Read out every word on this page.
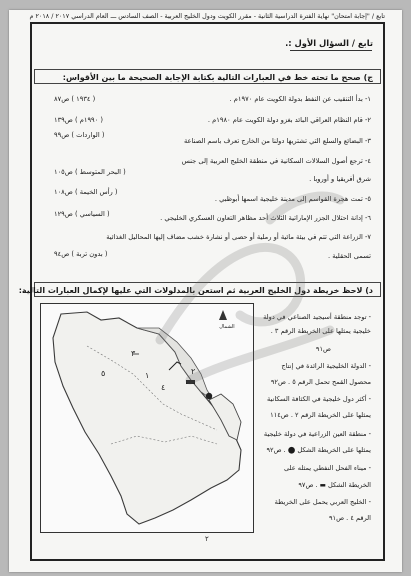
تابع / "إجابة امتحان" نهاية الفترة الدراسية الثانية - مقرر الكويت ودول الخليج العربية - الصف السادس ـــ العام الدراسي ٢٠١٧ / ٢٠١٨ م
تابع / السؤال الأول :.
ج) صحح ما تحته خط في العبارات التالية بكتابة الإجابة الصحيحة ما بين الأقواس:
١- بدأ التنقيب عن النفط بدولة الكويت عام ١٩٧٠م .
( ١٩٣٤ ) ص٨٧
٢- قام النظام العراقي البائد بغزو دولة الكويت عام ١٩٨٠م .
( ١٩٩٠م ) ص١٣٩
٣- البضائع والسلع التي تشتريها دولنا من الخارج تعرف باسم الصناعة
( الواردات ) ص٩٩
٤- ترجع أصول السلالات السكانية في منطقة الخليج العربية إلى جنس
شرق أفريقيا و أوروبا .
( البحر المتوسط ) ص١٠٥
٥- تمت هجرة القواسم إلى مدينة خليجية اسمها أبوظبي .
( رأس الخيمة ) ص١٠٨
٦- إدانة احتلال الجزر الإماراتية الثلاث أحد مظاهر التعاون العسكري الخليجي .
( السياسي ) ص١٢٩
٧- الزراعة التي تتم في بيئة مائية أو رملية أو حصى أو نشارة خشب مضاف إليها المحاليل الغذائية
تسمى الحقلية .
( بدون تربة ) ص٩٤
د) لاحظ خريطة دول الخليج العربية ثم استعن بالمدلولات التي عليها لإكمال العبارات التالية:
الشمال
٣
٥	١	٢
٤
- توجد منطقة أسيجيد الصناعي في دولة
خليجية يمثلها على الخريطة الرقم ٣ .
ص٩١
- الدولة الخليجية الرائدة في إنتاج
محصول القمح تحمل الرقم ٥ . ص٩٢
- أكثر دول خليجية في الكثافة السكانية
يمثلها على الخريطة الرقم ٢ . ص١١٤
- منطقة العين الزراعية في دولة خليجية
يمثلها على الخريطة الشكل ⬤ . ص٩٢
- ميناء الفحل النفطي يمثله على
الخريطة الشكل ▬ . ص٩٧
- الخليج العربي يحمل على الخريطة
الرقم ٤ . ص٩١
٢
